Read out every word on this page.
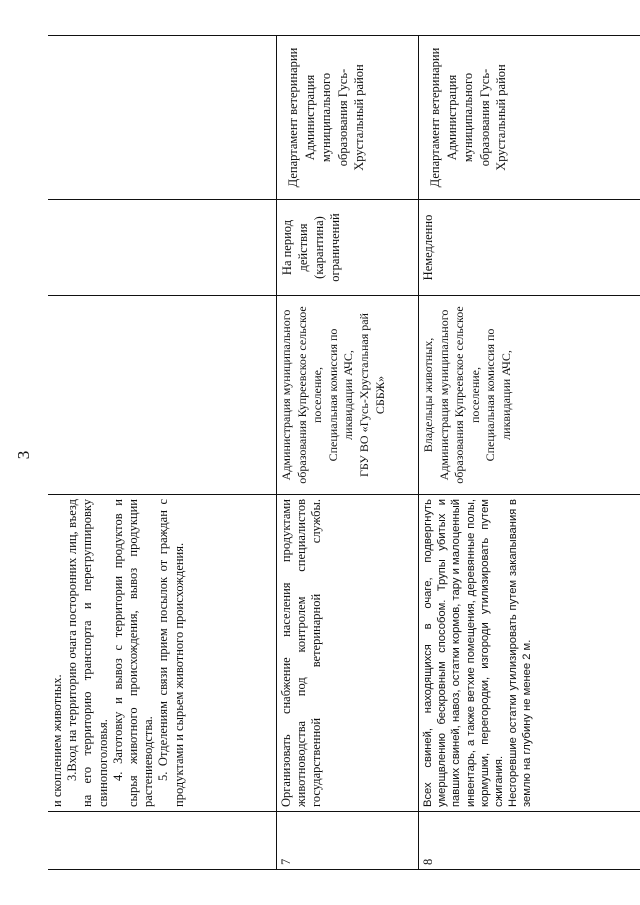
3

и скоплением животных. 3.Вход на территорию очага посторонних лиц, въезд на его территорию транспорта и перегруппировку свинопоголовья. 4. Заготовку и вывоз с территории продуктов и сырья животного происхождения, вывоз продукции растениеводства. 5. Отделениям связи прием посылок от граждан с продуктами и сырьем животного происхождения.

7

Организовать снабжение населения продуктами животноводства под контролем специалистов государственной ветеринарной службы.

Администрация муниципального образования Купреевское сельское поселение, Специальная комиссия по ликвидации АЧС, ГБУ ВО «Гусь-Хрустальная рай СББЖ»

На период действия (карантина) ограничений
Департамент ветеринарии Администрация муниципального образования Гусь-Хрустальный район
8

Всех свиней, находящихся в очаге, подвергнуть умерщвлению бескровным способом. Трупы убитых и павших свиней, навоз, остатки кормов, тару и малоценный инвентарь, а также ветхие помещения, деревянные полы, кормушки, перегородки, изгороди утилизировать путем сжигания. Несгоревшие остатки утилизировать путем закапывания в землю на глубину не менее 2 м.

Владельцы животных, Администрация муниципального образования Купреевское сельское поселение, Специальная комиссия по ликвидации АЧС,

Немедленно
Департамент ветеринарии Администрация муниципального образования Гусь-Хрустальный район
